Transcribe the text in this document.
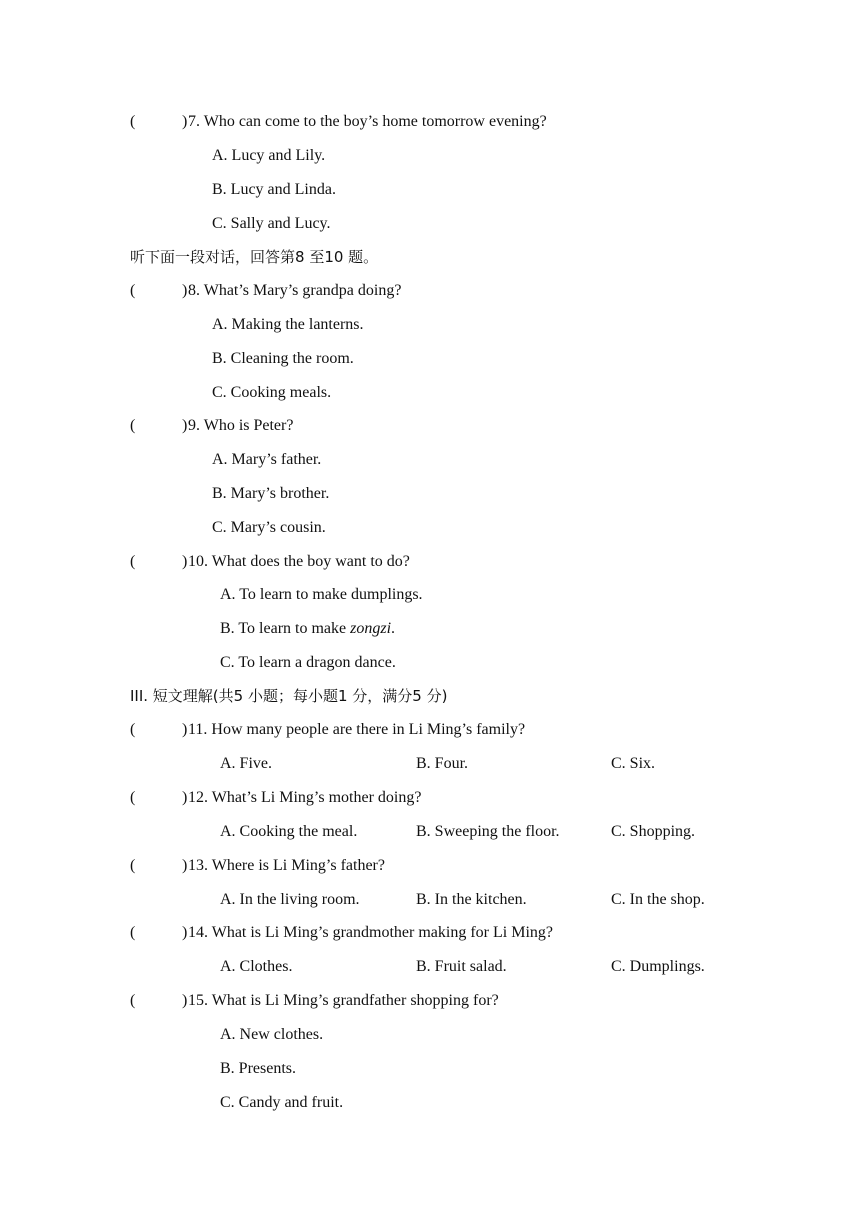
(	) 7. Who can come to the boy’s home tomorrow evening?
A. Lucy and Lily.
B. Lucy and Linda.
C. Sally and Lucy.
听下面一段对话，回答第8 至10 题。
(	) 8. What’s Mary’s grandpa doing?
A. Making the lanterns.
B. Cleaning the room.
C. Cooking meals.
(	) 9. Who is Peter?
A. Mary’s father.
B. Mary’s brother.
C. Mary’s cousin.
(	) 10. What does the boy want to do?
A. To learn to make dumplings.
B. To learn to make zongzi.
C. To learn a dragon dance.
III. 短文理解(共5 小题；每小题1 分，满分5 分)
(	) 11. How many people are there in Li Ming’s family?
A. Five.	B. Four.	C. Six.
(	) 12. What’s Li Ming’s mother doing?
A. Cooking the meal.	B. Sweeping the floor.	C. Shopping.
(	) 13. Where is Li Ming’s father?
A. In the living room.	B. In the kitchen.	C. In the shop.
(	) 14. What is Li Ming’s grandmother making for Li Ming?
A. Clothes.	B. Fruit salad.	C. Dumplings.
(	) 15. What is Li Ming’s grandfather shopping for?
A. New clothes.
B. Presents.
C. Candy and fruit.
